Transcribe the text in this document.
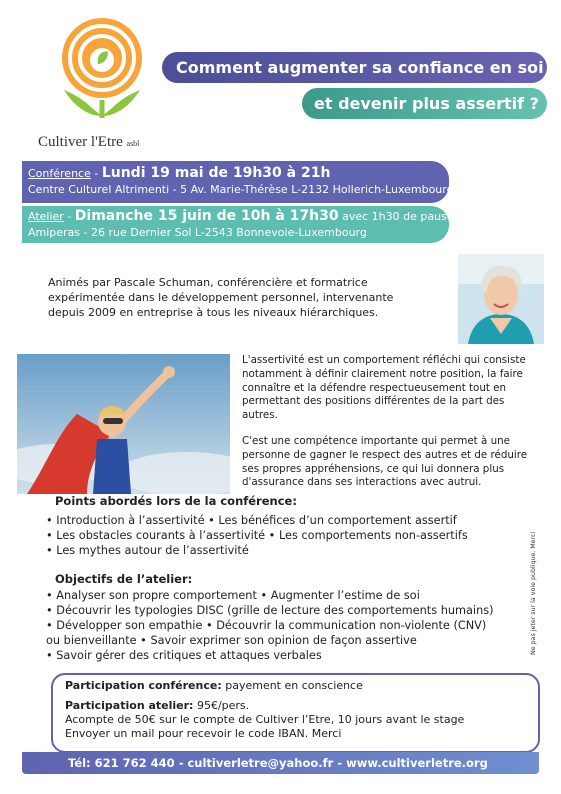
Cultiver l'Etre asbl
Comment augmenter sa confiance en soi
et devenir plus assertif ?
Conférence - Lundi 19 mai de 19h30 à 21h
Centre Culturel Altrimenti - 5 Av. Marie-Thérèse L-2132 Hollerich-Luxembourg
Atelier - Dimanche 15 juin de 10h à 17h30 avec 1h30 de pause
Amiperas - 26 rue Dernier Sol L-2543 Bonnevoie-Luxembourg
Animés par Pascale Schuman, conférencière et formatrice expérimentée dans le développement personnel, intervenante depuis 2009 en entreprise à tous les niveaux hiérarchiques.

L'assertivité est un comportement réfléchi qui consiste notamment à définir clairement notre position, la faire connaître et la défendre respectueusement tout en permettant des positions différentes de la part des autres.

C'est une compétence importante qui permet à une personne de gagner le respect des autres et de réduire ses propres appréhensions, ce qui lui donnera plus d'assurance dans ses interactions avec autrui.

Points abordés lors de la conférence:
• Introduction à l’assertivité • Les bénéfices d’un comportement assertif
• Les obstacles courants à l’assertivité • Les comportements non-assertifs
• Les mythes autour de l’assertivité
Objectifs de l’atelier:
• Analyser son propre comportement • Augmenter l’estime de soi
• Découvrir les typologies DISC (grille de lecture des comportements humains)
• Développer son empathie • Découvrir la communication non-violente (CNV)
ou bienveillante • Savoir exprimer son opinion de façon assertive
• Savoir gérer des critiques et attaques verbales
Ne pas jeter sur la voie publique. Merci
Participation conférence: payement en conscience
Participation atelier: 95€/pers.
Acompte de 50€ sur le compte de Cultiver l’Etre, 10 jours avant le stage
Envoyer un mail pour recevoir le code IBAN. Merci
Tél: 621 762 440 - cultiverletre@yahoo.fr - www.cultiverletre.org
